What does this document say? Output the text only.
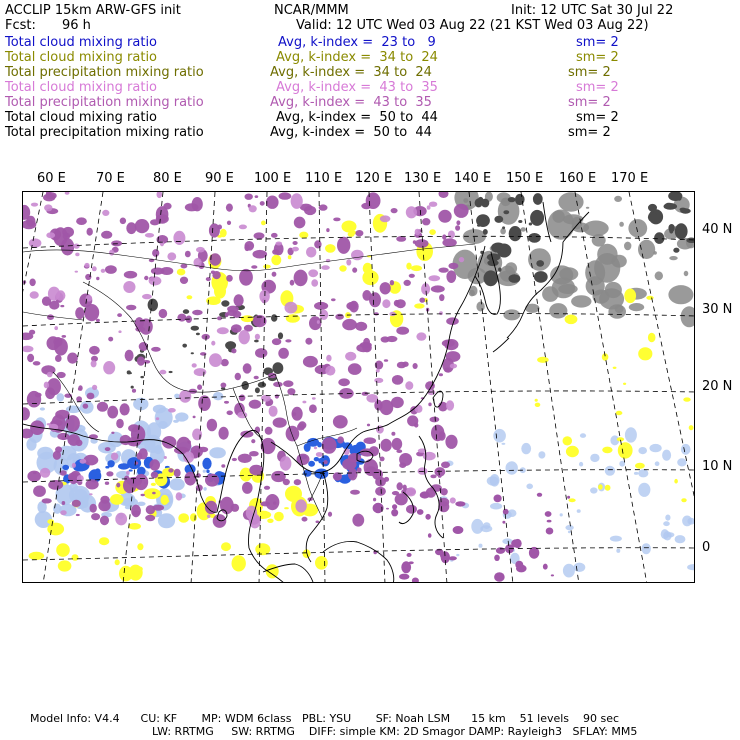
ACCLIP 15km ARW-GFS init	NCAR/MMM	Init: 12 UTC Sat 30 Jul 22
Fcst: 96 h	Valid: 12 UTC Wed 03 Aug 22 (21 KST Wed 03 Aug 22)
Total cloud mixing ratio	Avg, k-index =  23 to   9	sm= 2
Total cloud mixing ratio	Avg, k-index =  34 to  24	sm= 2
Total precipitation mixing ratio	Avg, k-index =  34 to  24	sm= 2
Total cloud mixing ratio	Avg, k-index =  43 to  35	sm= 2
Total precipitation mixing ratio	Avg, k-index =  43 to  35	sm= 2
Total cloud mixing ratio	Avg, k-index =  50 to  44	sm= 2
Total precipitation mixing ratio	Avg, k-index =  50 to  44	sm= 2
60 E 70 E 80 E 90 E 100 E 110 E 120 E 130 E 140 E 150 E 160 E 170 E
40 N
30 N
20 N
10 N
0
Model Info: V4.4      CU: KF       MP: WDM 6class   PBL: YSU       SF: Noah LSM      15 km    51 levels    90 sec
LW: RRTMG     SW: RRTMG    DIFF: simple KM: 2D Smagor DAMP: Rayleigh3   SFLAY: MM5
